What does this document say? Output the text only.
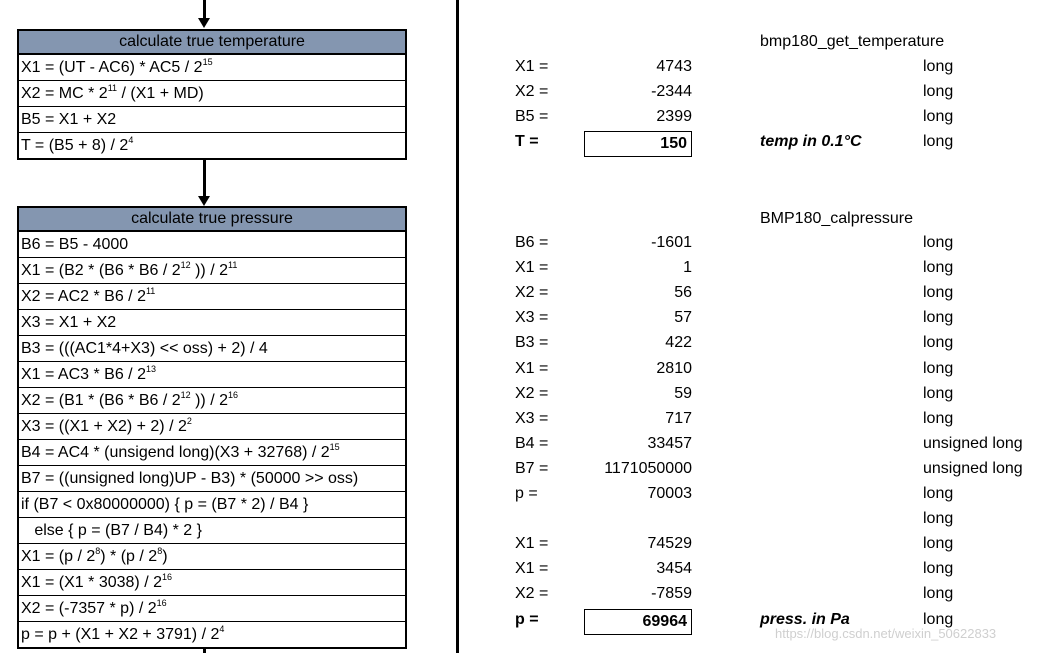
calculate true temperature
$X1 = (UT - AC6) * AC5 / 2^{15}$
X2 = MC * $2^{11} / (X1 + MD)$
B5 = X1 + X2
$T = (B5 + 8) / 2^4$
calculate true pressure
B6 = B5 - 4000
$X1 = (B2 * (B6 * B6 / 2^{12}$ )) / $2^{11}$
$X2 = AC2 * B6 / 2^{11}$
X3 = X1 + X2
B3 = (((AC1*4+X3) << oss) + 2) / 4
$X1 = AC3 * B6 / 2^{13}$
$X2 = (B1 * (B6 * B6 / 2^{12}$ )) / $2^{16}$
$X3 = ((X1 + X2) + 2) / 2^2$
B4 = AC4 * (unsigend long)(X3 + $32768) / 2^{15}$
B7 = ((unsigned long)UP - B3) * (50000 >> oss)
if (B7 < 0x80000000) { p = (B7 * 2) / B4 }
else { p = (B7 / B4) * 2 }
$X1 = (p / 2^8) * (p / 2^8)$
$X1 = (X1 * 3038) / 2^{16}$
$X2 = (-7357 * p) / 2^{16}$
$p = p + (X1 + X2 + 3791) / 2^4$
bmp180_get_temperature
BMP180_calpressure
X1 =	4743	long
X2 =	-2344	long
B5 =	2399	long
T =	150	temp in 0.1°C	long
B6 =	-1601	long
X1 =	1	long
X2 =	56	long
X3 =	57	long
B3 =	422	long
X1 =	2810	long
X2 =	59	long
X3 =	717	long
B4 =	33457	unsigned long
B7 =	1171050000	unsigned long
p =	70003	long
long
X1 =	74529	long
X1 =	3454	long
X2 =	-7859	long
p =	69964	press. in Pa	long
https://blog.csdn.net/weixin_50622833
